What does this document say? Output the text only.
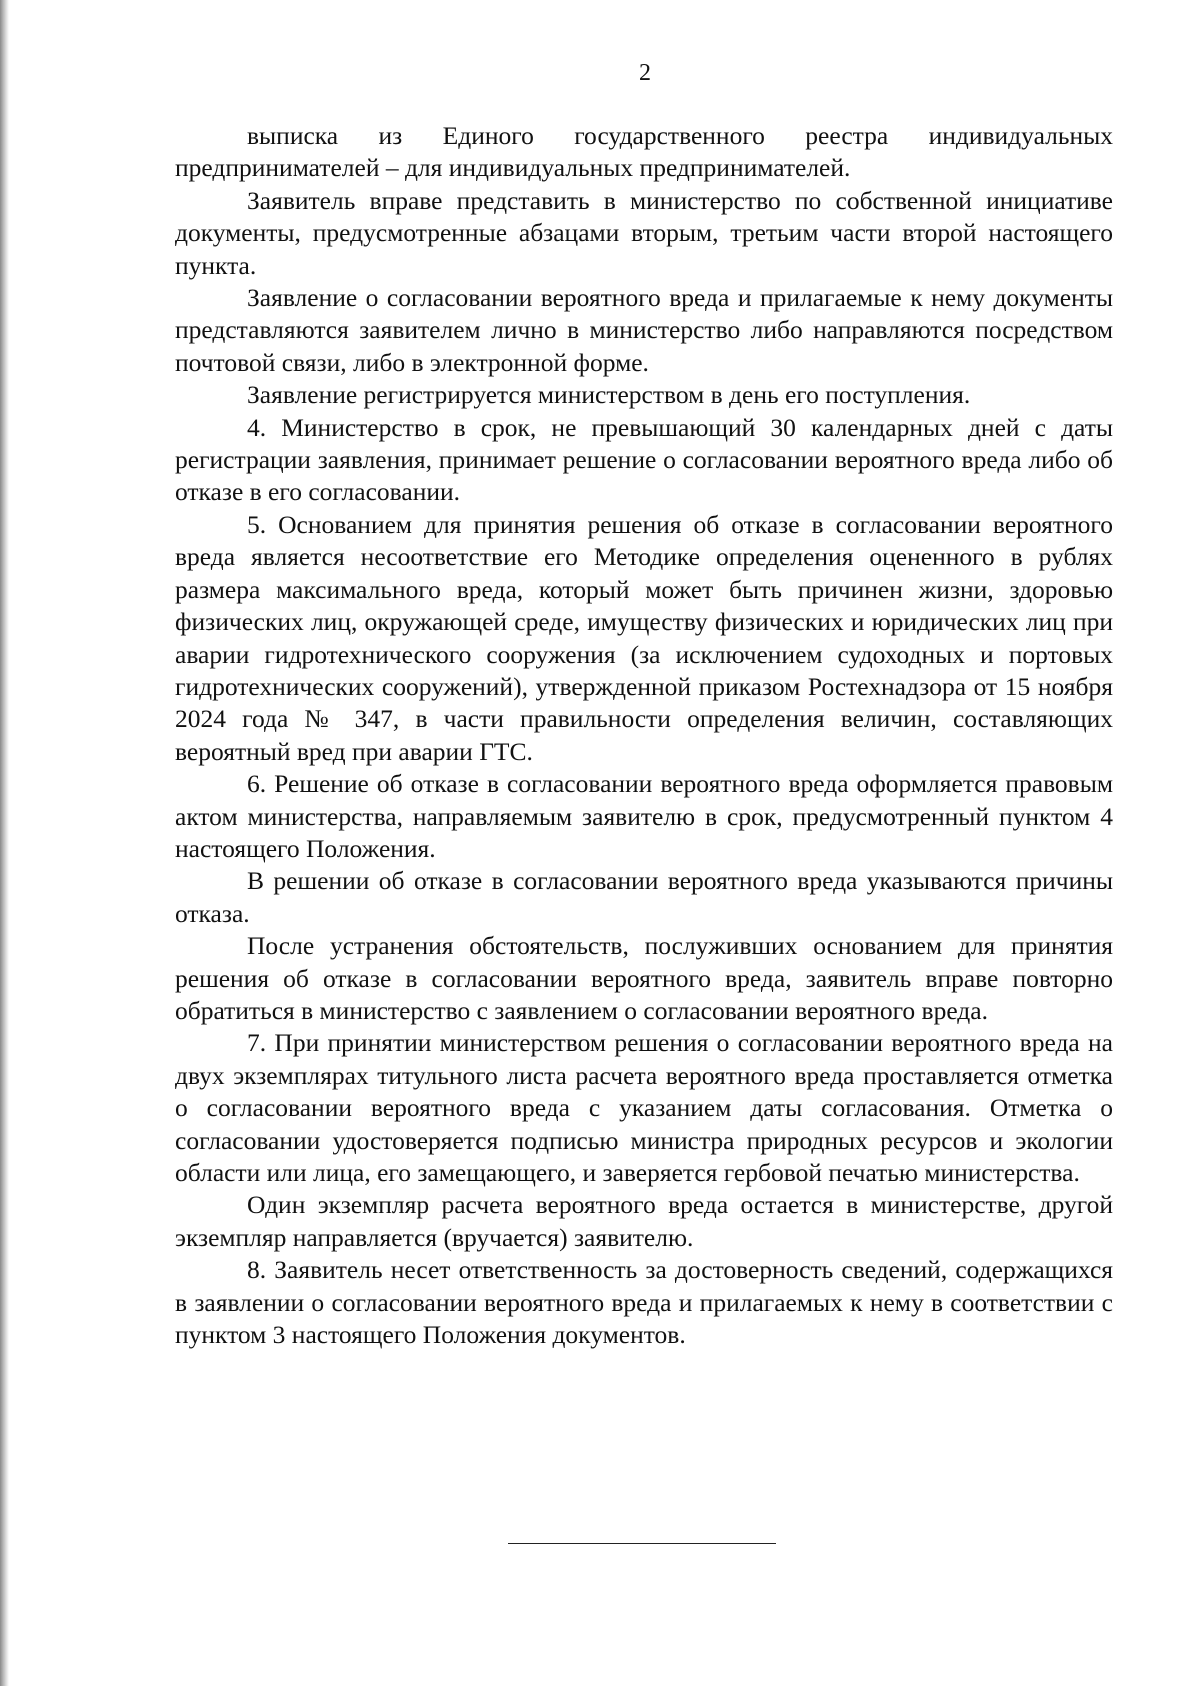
2

выписка из Единого государственного реестра индивидуальных предпринимателей – для индивидуальных предпринимателей.

Заявитель вправе представить в министерство по собственной инициативе документы, предусмотренные абзацами вторым, третьим части второй настоящего пункта.

Заявление о согласовании вероятного вреда и прилагаемые к нему документы представляются заявителем лично в министерство либо направляются посредством почтовой связи, либо в электронной форме.

Заявление регистрируется министерством в день его поступления.

4. Министерство в срок, не превышающий 30 календарных дней с даты регистрации заявления, принимает решение о согласовании вероятного вреда либо об отказе в его согласовании.

5. Основанием для принятия решения об отказе в согласовании вероятного вреда является несоответствие его Методике определения оцененного в рублях размера максимального вреда, который может быть причинен жизни, здоровью физических лиц, окружающей среде, имуществу физических и юридических лиц при аварии гидротехнического сооружения (за исключением судоходных и портовых гидротехнических сооружений), утвержденной приказом Ростехнадзора от 15 ноября 2024 года № 347, в части правильности определения величин, составляющих вероятный вред при аварии ГТС.

6. Решение об отказе в согласовании вероятного вреда оформляется правовым актом министерства, направляемым заявителю в срок, предусмотренный пунктом 4 настоящего Положения.

В решении об отказе в согласовании вероятного вреда указываются причины отказа.

После устранения обстоятельств, послуживших основанием для принятия решения об отказе в согласовании вероятного вреда, заявитель вправе повторно обратиться в министерство с заявлением о согласовании вероятного вреда.

7. При принятии министерством решения о согласовании вероятного вреда на двух экземплярах титульного листа расчета вероятного вреда проставляется отметка о согласовании вероятного вреда с указанием даты согласования. Отметка о согласовании удостоверяется подписью министра природных ресурсов и экологии области или лица, его замещающего, и заверяется гербовой печатью министерства.

Один экземпляр расчета вероятного вреда остается в министерстве, другой экземпляр направляется (вручается) заявителю.

8. Заявитель несет ответственность за достоверность сведений, содержащихся в заявлении о согласовании вероятного вреда и прилагаемых к нему в соответствии с пунктом 3 настоящего Положения документов.
